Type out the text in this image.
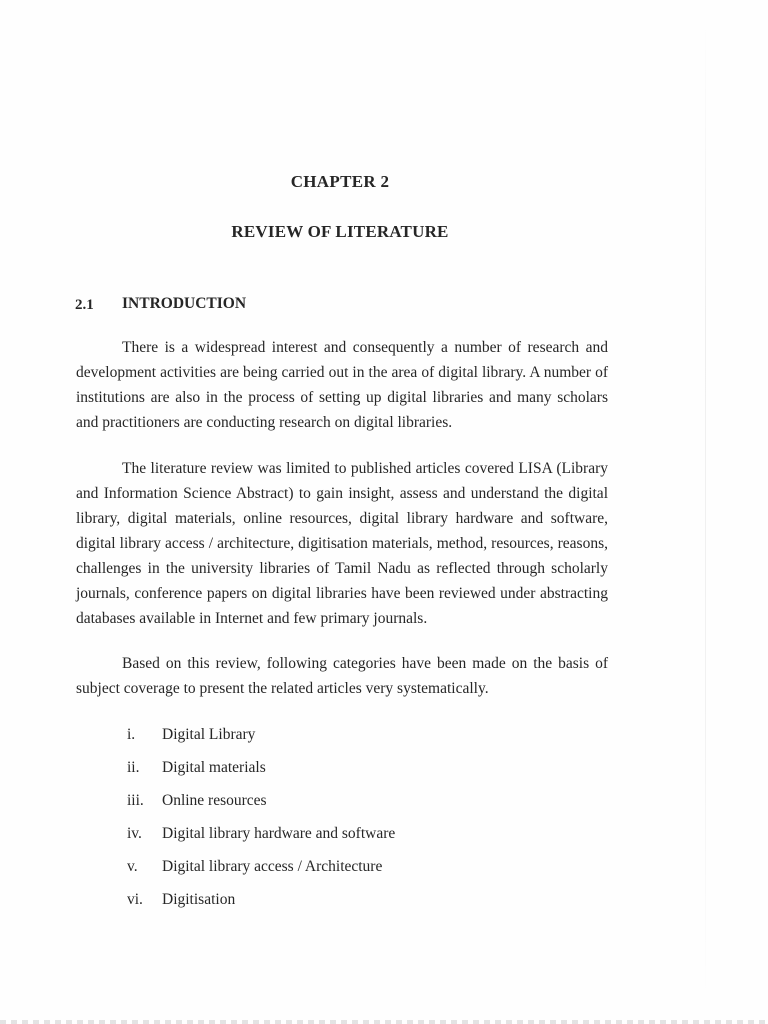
CHAPTER 2
REVIEW OF LITERATURE
2.1 INTRODUCTION

There is a widespread interest and consequently a number of research and development activities are being carried out in the area of digital library. A number of institutions are also in the process of setting up digital libraries and many scholars and practitioners are conducting research on digital libraries.

The literature review was limited to published articles covered LISA (Library and Information Science Abstract) to gain insight, assess and understand the digital library, digital materials, online resources, digital library hardware and software, digital library access / architecture, digitisation materials, method, resources, reasons, challenges in the university libraries of Tamil Nadu as reflected through scholarly journals, conference papers on digital libraries have been reviewed under abstracting databases available in Internet and few primary journals.

Based on this review, following categories have been made on the basis of subject coverage to present the related articles very systematically.

i. Digital Library
ii. Digital materials
iii. Online resources
iv. Digital library hardware and software
v. Digital library access / Architecture
vi. Digitisation
